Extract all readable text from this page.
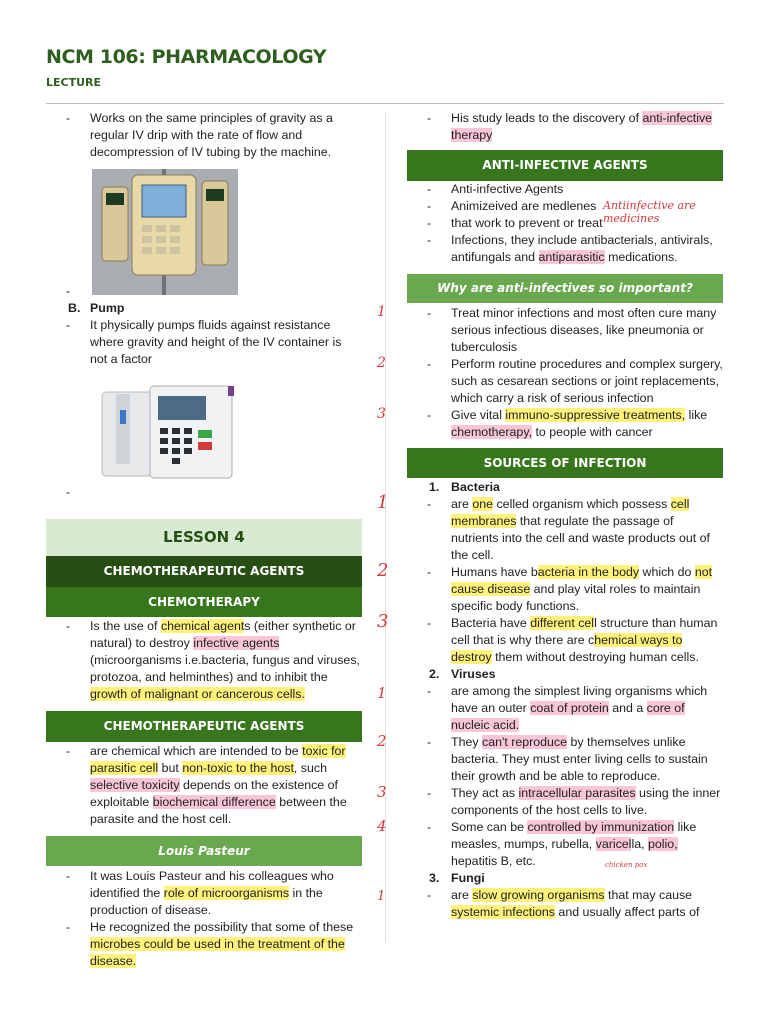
NCM 106: PHARMACOLOGY
LECTURE
- Works on the same principles of gravity as a regular IV drip with the rate of flow and decompression of IV tubing by the machine.
-
B. Pump
- It physically pumps fluids against resistance where gravity and height of the IV container is not a factor
-
LESSON 4
CHEMOTHERAPEUTIC AGENTS
CHEMOTHERAPY
- Is the use of chemical agents (either synthetic or natural) to destroy infective agents (microorganisms i.e.bacteria, fungus and viruses, protozoa, and helminthes) and to inhibit the growth of malignant or cancerous cells.
CHEMOTHERAPEUTIC AGENTS
- are chemical which are intended to be toxic for parasitic cell but non-toxic to the host, such selective toxicity depends on the existence of exploitable biochemical difference between the parasite and the host cell.
Louis Pasteur
- It was Louis Pasteur and his colleagues who identified the role of microorganisms in the production of disease.
- He recognized the possibility that some of these microbes could be used in the treatment of the disease.
- His study leads to the discovery of anti-infective therapy
ANTI-INFECTIVE AGENTS
- Anti-infective Agents
- Animizeived are medlenes
- that work to prevent or treat
- Infections, they include antibacterials, antivirals, antifungals and antiparasitic medications.
Antiinfective are medicines
Why are anti-infectives so important?
- 1	Treat minor infections and most often cure many serious infectious diseases, like pneumonia or tuberculosis
- 2	Perform routine procedures and complex surgery, such as cesarean sections or joint replacements, which carry a risk of serious infection
- 3	Give vital immuno-suppressive treatments, like chemotherapy, to people with cancer
SOURCES OF INFECTION
1. Bacteria
- 1	are one celled organism which possess cell membranes that regulate the passage of nutrients into the cell and waste products out of the cell.
- 2	Humans have bacteria in the body which do not cause disease and play vital roles to maintain specific body functions.
- 3	Bacteria have different cell structure than human cell that is why there are chemical ways to destroy them without destroying human cells.
2. Viruses
- 1	are among the simplest living organisms which have an outer coat of protein and a core of nucleic acid.
- 2	They can't reproduce by themselves unlike bacteria. They must enter living cells to sustain their growth and be able to reproduce.
- 3	They act as intracellular parasites using the inner components of the host cells to live.
- 4	Some can be controlled by immunization like measles, mumps, rubella, varicella, polio, hepatitis B, etc.	chicken pox
3. Fungi
- 1	are slow growing organisms that may cause systemic infections and usually affect parts of
